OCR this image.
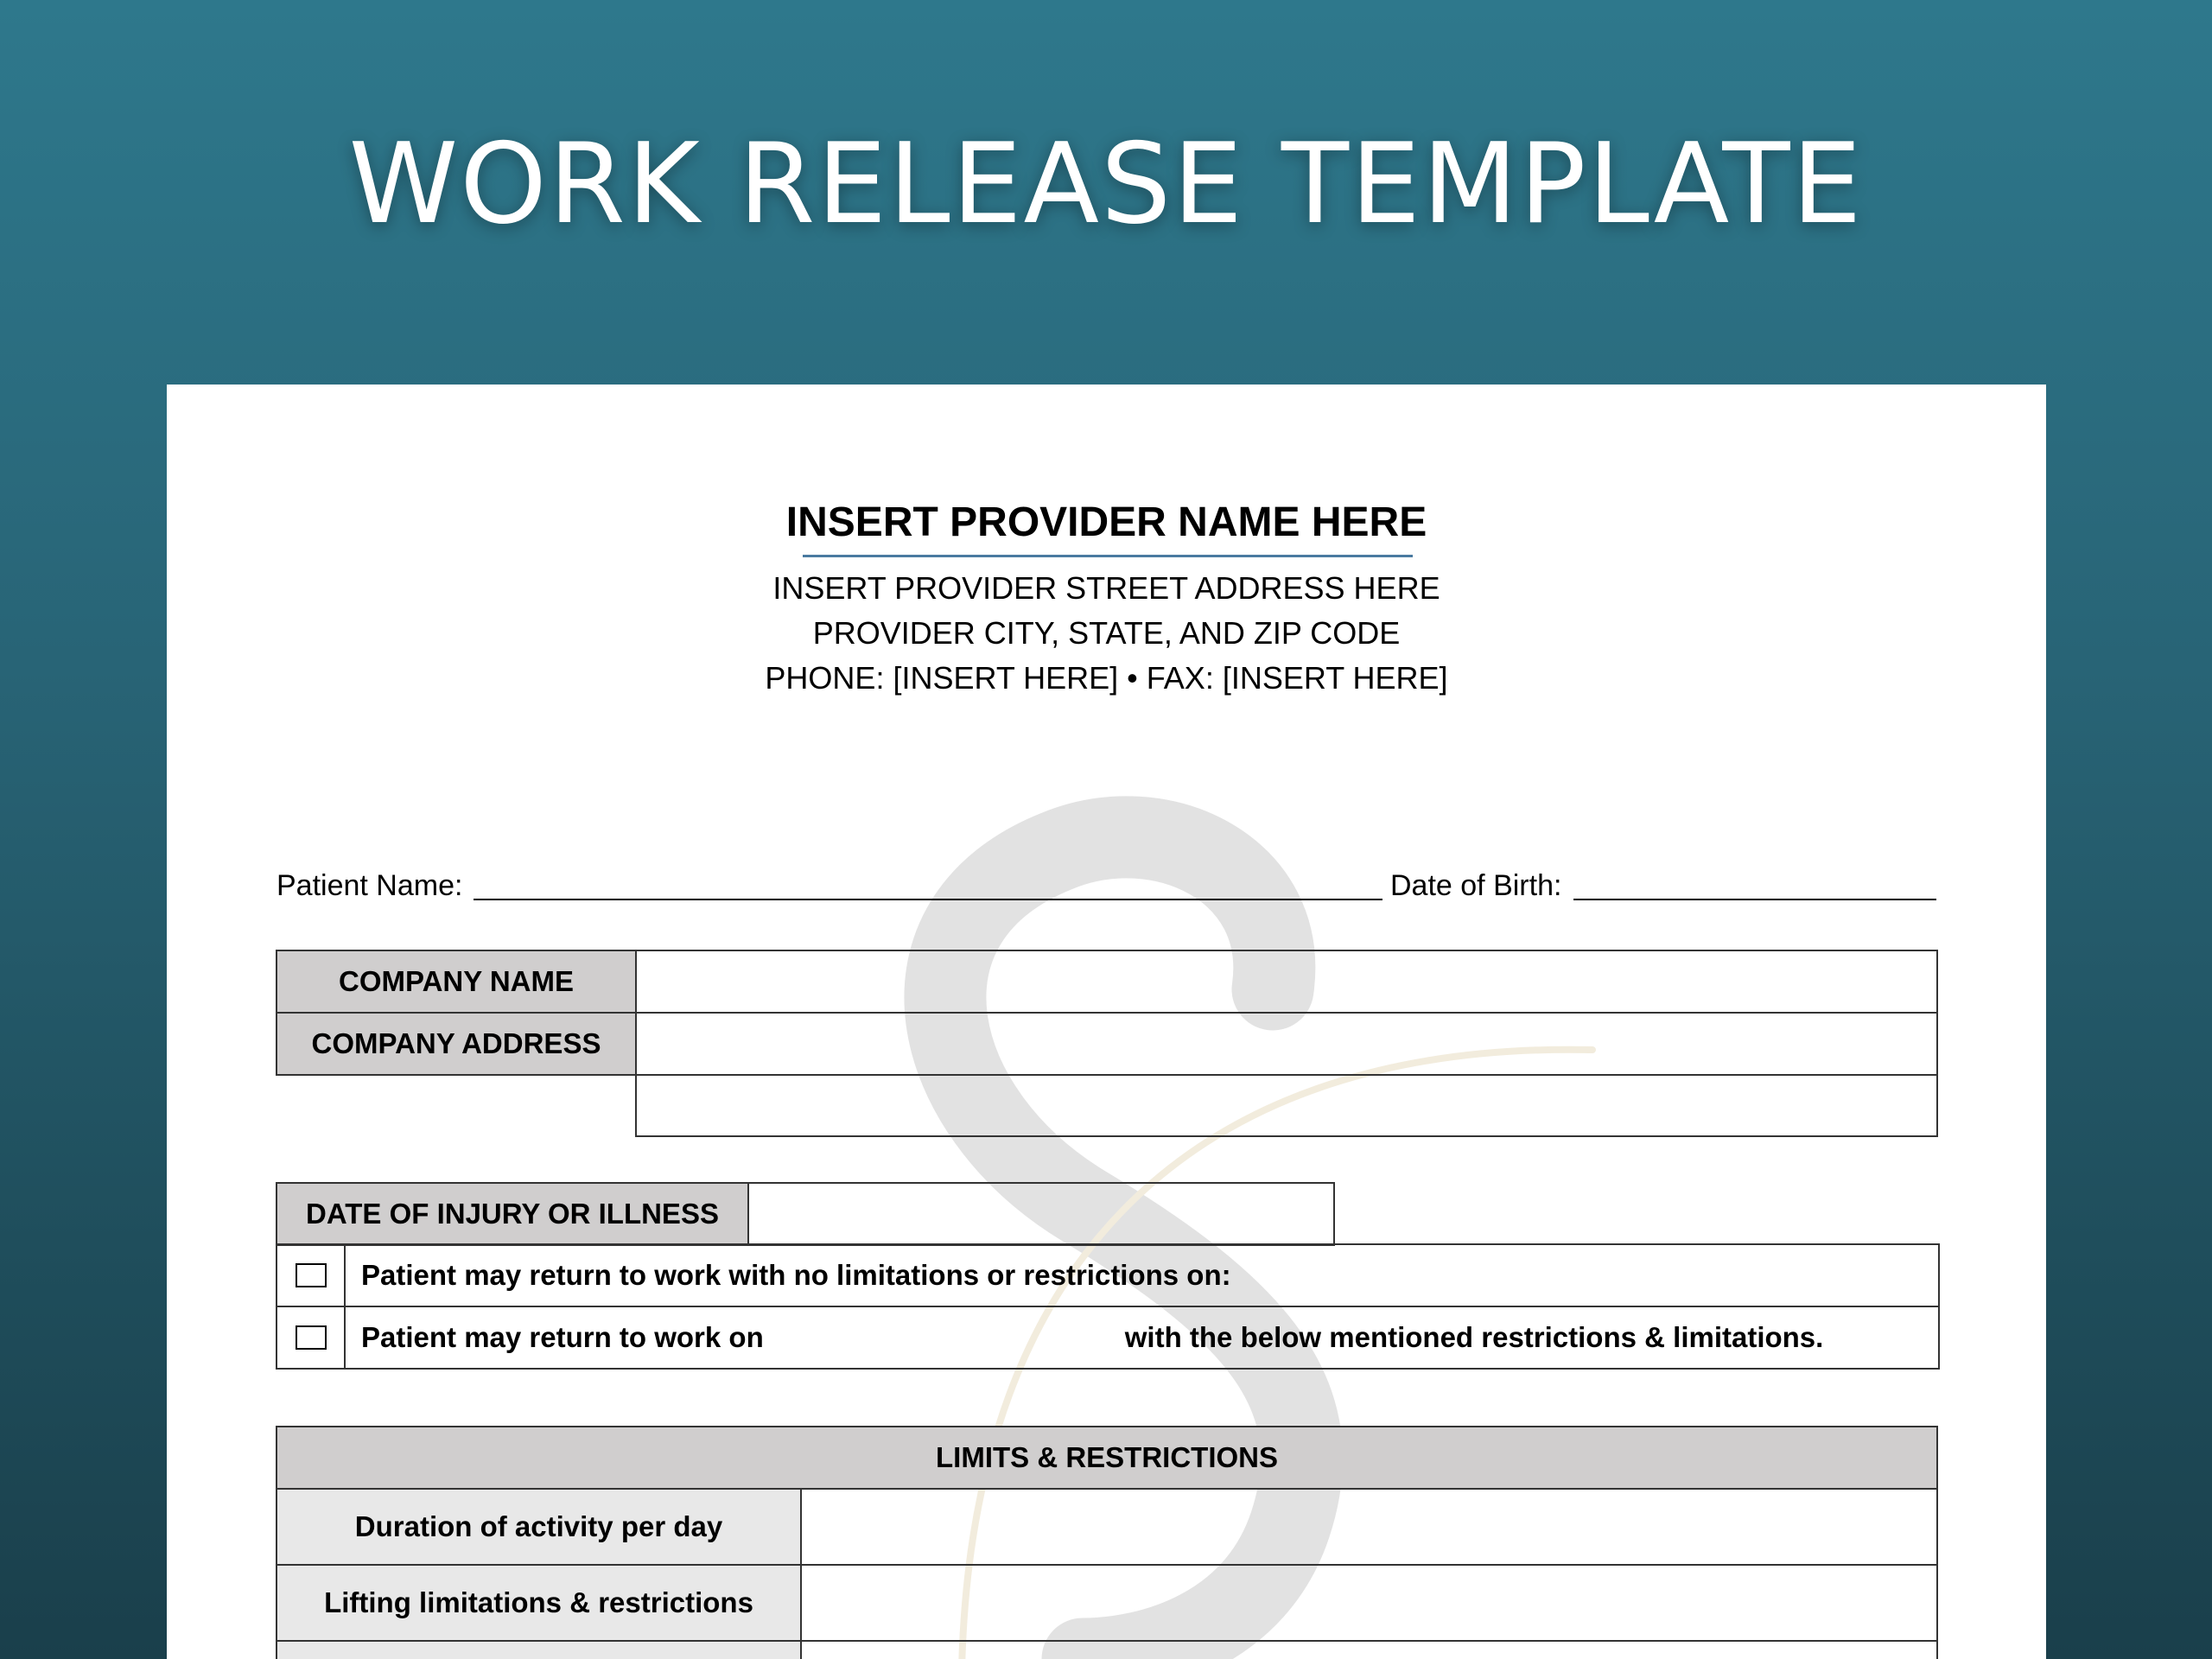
WORK RELEASE TEMPLATE
INSERT PROVIDER NAME HERE
INSERT PROVIDER STREET ADDRESS HERE
PROVIDER CITY, STATE, AND ZIP CODE
PHONE: [INSERT HERE] • FAX: [INSERT HERE]
Patient Name:	Date of Birth:
COMPANY NAME	
COMPANY ADDRESS	

DATE OF INJURY OR ILLNESS	
	Patient may return to work with no limitations or restrictions on:
	Patient may return to work on with the below mentioned restrictions & limitations.
LIMITS & RESTRICTIONS	
Duration of activity per day	
Lifting limitations & restrictions	
